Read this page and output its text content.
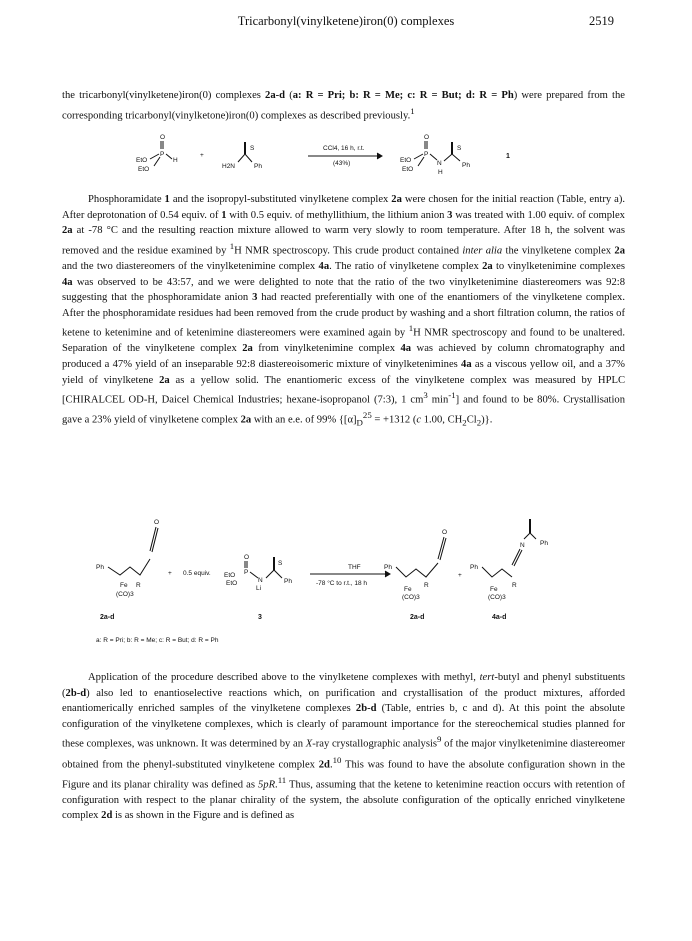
Tricarbonyl(vinylketene)iron(0) complexes	2519

the tricarbonyl(vinylketene)iron(0) complexes 2a-d (a: R = Pri; b: R = Me; c: R = But; d: R = Ph) were prepared from the corresponding tricarbonyl(vinylketone)iron(0) complexes as described previously.$^1$

O
P
EtO
EtO
H
+
H2N
S
Ph
CCl4, 16 h, r.t.
(43%)
O
P
EtO
EtO
N
H
S
Ph
1

Phosphoramidate 1 and the isopropyl-substituted vinylketene complex 2a were chosen for the initial reaction (Table, entry a). After deprotonation of 0.54 equiv. of 1 with 0.5 equiv. of methyllithium, the lithium anion 3 was treated with 1.00 equiv. of complex 2a at -78 °C and the resulting reaction mixture allowed to warm very slowly to room temperature. After 18 h, the solvent was removed and the residue examined by $^1$H NMR spectroscopy. This crude product contained inter alia the vinylketene complex 2a and the two diastereomers of the vinylketenimine complex 4a. The ratio of vinylketene complex 2a to vinylketenimine complexes 4a was observed to be 43:57, and we were delighted to note that the ratio of the two vinylketenimine diastereomers was 92:8 suggesting that the phosphoramidate anion 3 had reacted preferentially with one of the enantiomers of the vinylketene complex. After the phosphoramidate residues had been removed from the crude product by washing and a short filtration column, the ratios of ketene to ketenimine and of ketenimine diastereomers were examined again by $^1$H NMR spectroscopy and found to be unaltered. Separation of the vinylketene complex 2a from vinylketenimine complex 4a was achieved by column chromatography and produced a 47% yield of an inseparable 92:8 diastereoisomeric mixture of vinylketenimines 4a as a viscous yellow oil, and a 37% yield of vinylketene 2a as a yellow solid. The enantiomeric excess of the vinylketene complex was measured by HPLC [CHIRALCEL OD-H, Daicel Chemical Industries; hexane-isopropanol (7:3), 1 $cm^3$ $\min^{-1}$] and found to be 80%. Crystallisation gave a 23% yield of vinylketene complex 2a with an e.e. of 99% {$[\alpha]_D^{25} = +1312$ (c 1.00, $CH_2Cl_2$)}.

O
Ph
Fe R
(CO)3
+ 0.5 equiv.
O
P
EtO
EtO	N
Li
S
Ph
THF
-78 °C to r.t., 18 h
O
Ph
Fe
R
(CO)3
+
N Ph
Ph
Fe
R
(CO)3
2a-d	3	2a-d	4a-d
a: R = Pri; b: R = Me; c: R = But; d: R = Ph

Application of the procedure described above to the vinylketene complexes with methyl, tert-butyl and phenyl substituents (2b-d) also led to enantioselective reactions which, on purification and crystallisation of the product mixtures, afforded enantiomerically enriched samples of the vinylketene complexes 2b-d (Table, entries b, c and d). At this point the absolute configuration of the vinylketene complexes, which is clearly of paramount importance for the stereochemical studies planned for these complexes, was unknown. It was determined by an X-ray crystallographic analysis$^9$ of the major vinylketenimine diastereomer obtained from the phenyl-substituted vinylketene complex 2d.$^{10}$ This was found to have the absolute configuration shown in the Figure and its planar chirality was defined as 5pR.$^{11}$ Thus, assuming that the ketene to ketenimine reaction occurs with retention of configuration with respect to the planar chirality of the system, the absolute configuration of the optically enriched vinylketene complex 2d is as shown in the Figure and is defined as
